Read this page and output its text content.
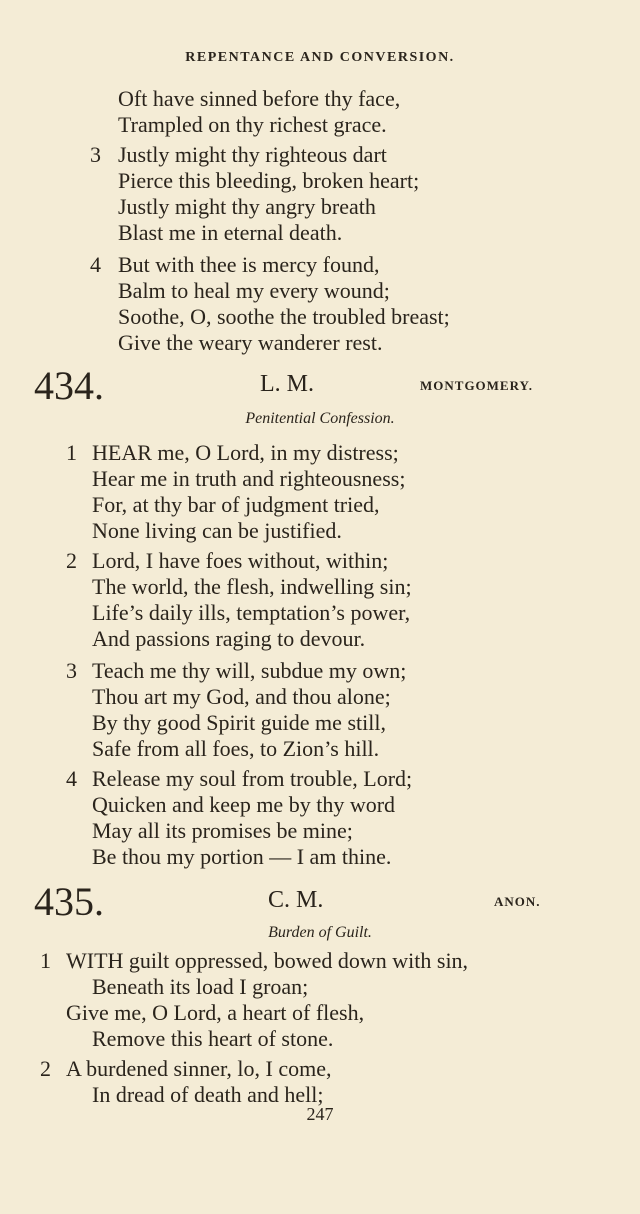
REPENTANCE AND CONVERSION.
Oft have sinned before thy face,
Trampled on thy richest grace.
3 Justly might thy righteous dart
Pierce this bleeding, broken heart;
Justly might thy angry breath
Blast me in eternal death.
4 But with thee is mercy found,
Balm to heal my every wound;
Soothe, O, soothe the troubled breast;
Give the weary wanderer rest.
434.	L. M.	MONTGOMERY.
Penitential Confession.
1 HEAR me, O Lord, in my distress;
Hear me in truth and righteousness;
For, at thy bar of judgment tried,
None living can be justified.
2 Lord, I have foes without, within;
The world, the flesh, indwelling sin;
Life’s daily ills, temptation’s power,
And passions raging to devour.
3 Teach me thy will, subdue my own;
Thou art my God, and thou alone;
By thy good Spirit guide me still,
Safe from all foes, to Zion’s hill.
4 Release my soul from trouble, Lord;
Quicken and keep me by thy word
May all its promises be mine;
Be thou my portion — I am thine.
435.	C. M.	ANON.
Burden of Guilt.
1 WITH guilt oppressed, bowed down with sin,
Beneath its load I groan;
Give me, O Lord, a heart of flesh,
Remove this heart of stone.
2 A burdened sinner, lo, I come,
In dread of death and hell;
247
